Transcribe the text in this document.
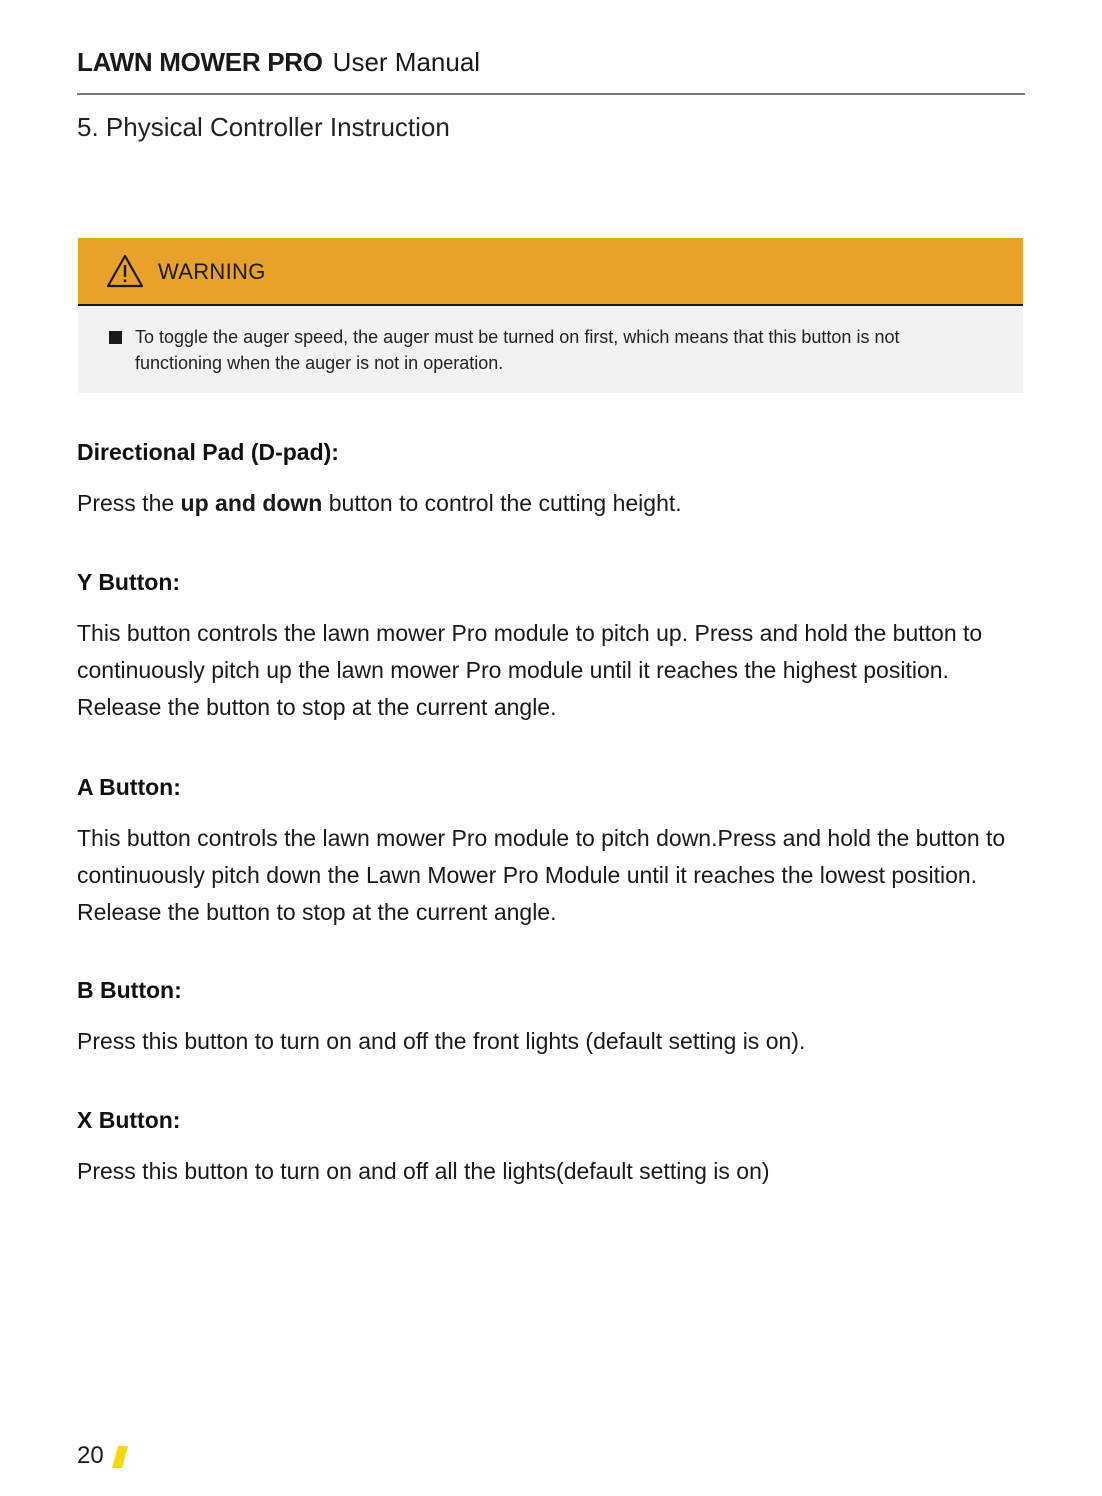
LAWN MOWER PRO User Manual
5. Physical Controller Instruction
WARNING
To toggle the auger speed, the auger must be turned on first, which means that this button is not functioning when the auger is not in operation.
Directional Pad (D-pad):

Press the up and down button to control the cutting height.

Y Button:

This button controls the lawn mower Pro module to pitch up. Press and hold the button to continuously pitch up the lawn mower Pro module until it reaches the highest position. Release the button to stop at the current angle.

A Button:

This button controls the lawn mower Pro module to pitch down.Press and hold the button to continuously pitch down the Lawn Mower Pro Module until it reaches the lowest position. Release the button to stop at the current angle.

B Button:

Press this button to turn on and off the front lights (default setting is on).

X Button:

Press this button to turn on and off all the lights(default setting is on)

20
